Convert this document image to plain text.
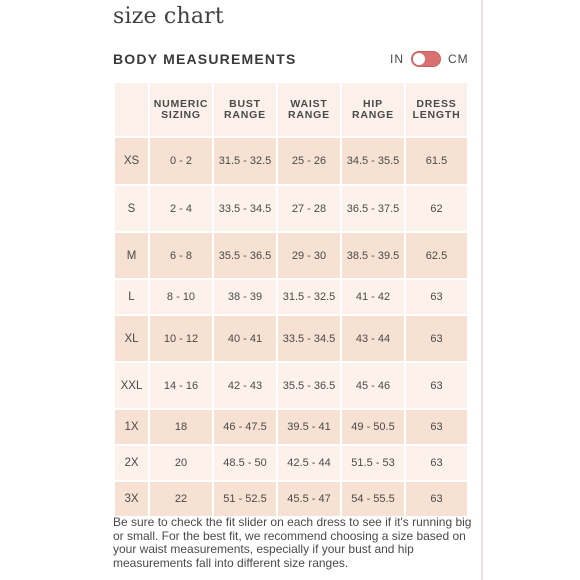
size chart
BODY MEASUREMENTS	IN	CM
	NUMERIC SIZING	BUST RANGE	WAIST RANGE	HIP RANGE	DRESS LENGTH
XS	0 - 2	31.5 - 32.5	25 - 26	34.5 - 35.5	61.5
S	2 - 4	33.5 - 34.5	27 - 28	36.5 - 37.5	62
M	6 - 8	35.5 - 36.5	29 - 30	38.5 - 39.5	62.5
L	8 - 10	38 - 39	31.5 - 32.5	41 - 42	63
XL	10 - 12	40 - 41	33.5 - 34.5	43 - 44	63
XXL	14 - 16	42 - 43	35.5 - 36.5	45 - 46	63
1X	18	46 - 47.5	39.5 - 41	49 - 50.5	63
2X	20	48.5 - 50	42.5 - 44	51.5 - 53	63
3X	22	51 - 52.5	45.5 - 47	54 - 55.5	63
Be sure to check the fit slider on each dress to see if it's running big or small. For the best fit, we recommend choosing a size based on your waist measurements, especially if your bust and hip measurements fall into different size ranges.
